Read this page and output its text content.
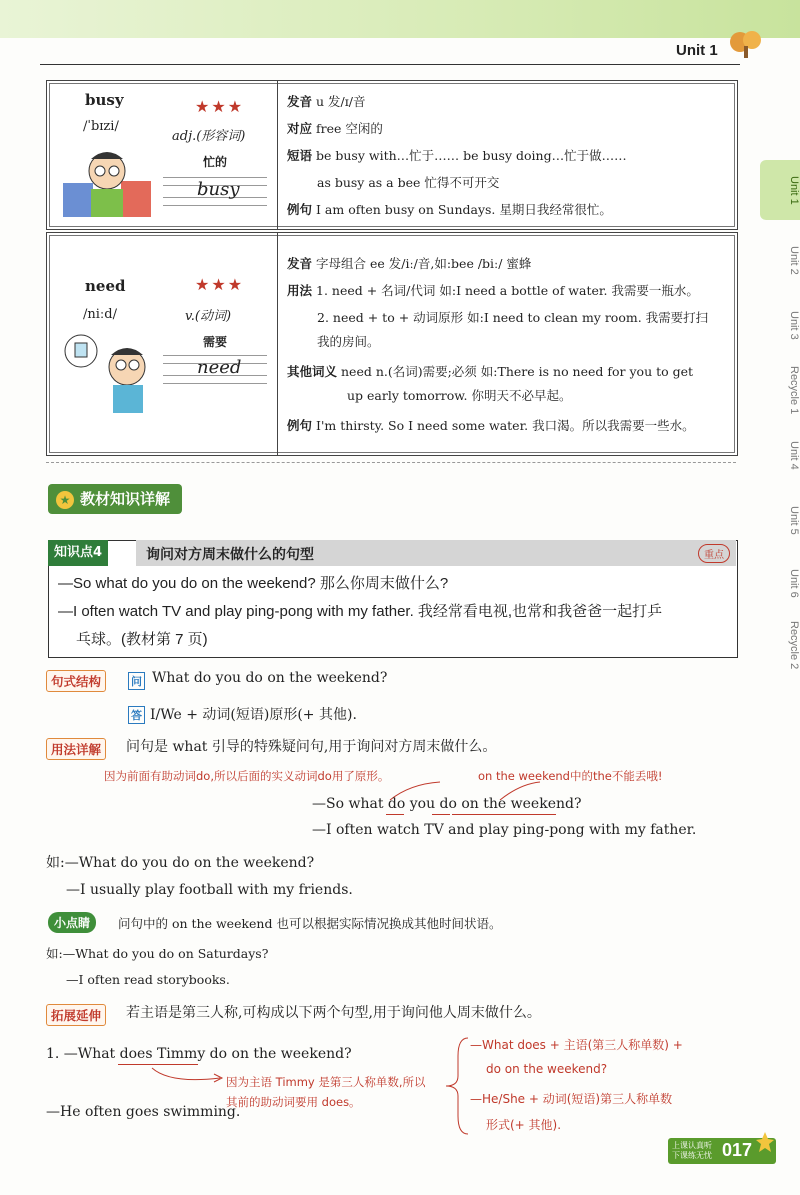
Unit 1
Unit 1
Unit 2
Unit 3
Recycle 1
Unit 4
Unit 5
Unit 6
Recycle 2
busy
/ˈbɪzi/
★★★
adj.(形容词)
忙的
busy
发音 u 发/ɪ/音
对应 free 空闲的
短语 be busy with…忙于…… be busy doing…忙于做……
as busy as a bee 忙得不可开交
例句 I am often busy on Sundays. 星期日我经常很忙。
need
/niːd/
★★★
v.(动词)
需要
need
发音 字母组合 ee 发/iː/音,如:bee /biː/ 蜜蜂
用法 1. need + 名词/代词 如:I need a bottle of water. 我需要一瓶水。
2. need + to + 动词原形 如:I need to clean my room. 我需要打扫
我的房间。
其他词义 need n.(名词)需要;必须 如:There is no need for you to get
up early tomorrow. 你明天不必早起。
例句 I'm thirsty. So I need some water. 我口渴。所以我需要一些水。
★ 教材知识详解
知识点4	询问对方周末做什么的句型	重点
—So what do you do on the weekend? 那么你周末做什么?
—I often watch TV and play ping-pong with my father. 我经常看电视,也常和我爸爸一起打乒
乓球。(教材第 7 页)
句式结构	问 What do you do on the weekend?
答 I/We + 动词(短语)原形(+ 其他).
用法详解	问句是 what 引导的特殊疑问句,用于询问对方周末做什么。
因为前面有助动词do,所以后面的实义动词do用了原形。	on the weekend中的the不能丢哦!
—So what do you do on the weekend?
—I often watch TV and play ping-pong with my father.
如:—What do you do on the weekend?
—I usually play football with my friends.
小点睛	问句中的 on the weekend 也可以根据实际情况换成其他时间状语。
如:—What do you do on Saturdays?
—I often read storybooks.
拓展延伸	若主语是第三人称,可构成以下两个句型,用于询问他人周末做什么。
1. —What does Timmy do on the weekend?
因为主语 Timmy 是第三人称单数,所以其前的助动词要用 does。
—He often goes swimming.
—What does + 主语(第三人称单数) +
do on the weekend?
—He/She + 动词(短语)第三人称单数
形式(+ 其他).
上课认真听
下课练无忧 017
